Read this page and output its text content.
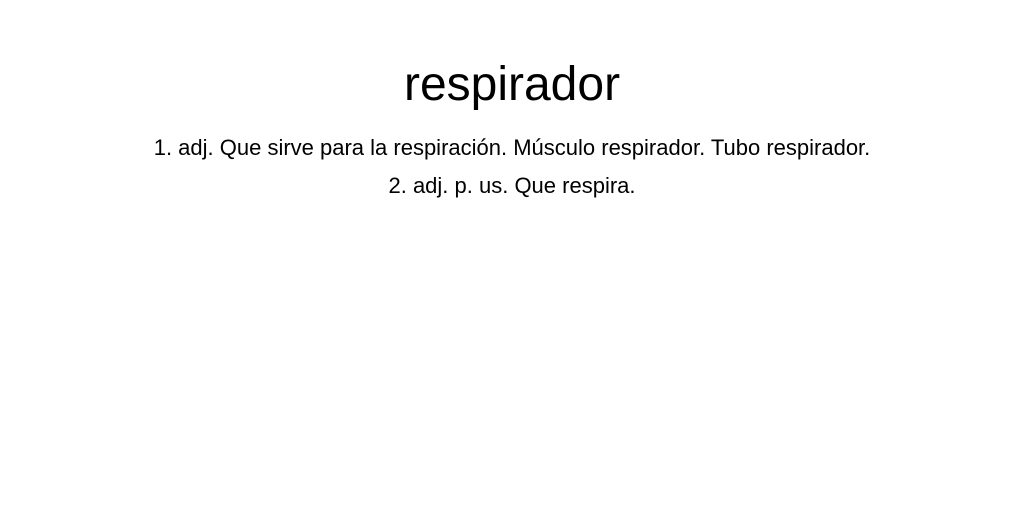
respirador
1. adj. Que sirve para la respiración. Músculo respirador. Tubo respirador.
2. adj. p. us. Que respira.
